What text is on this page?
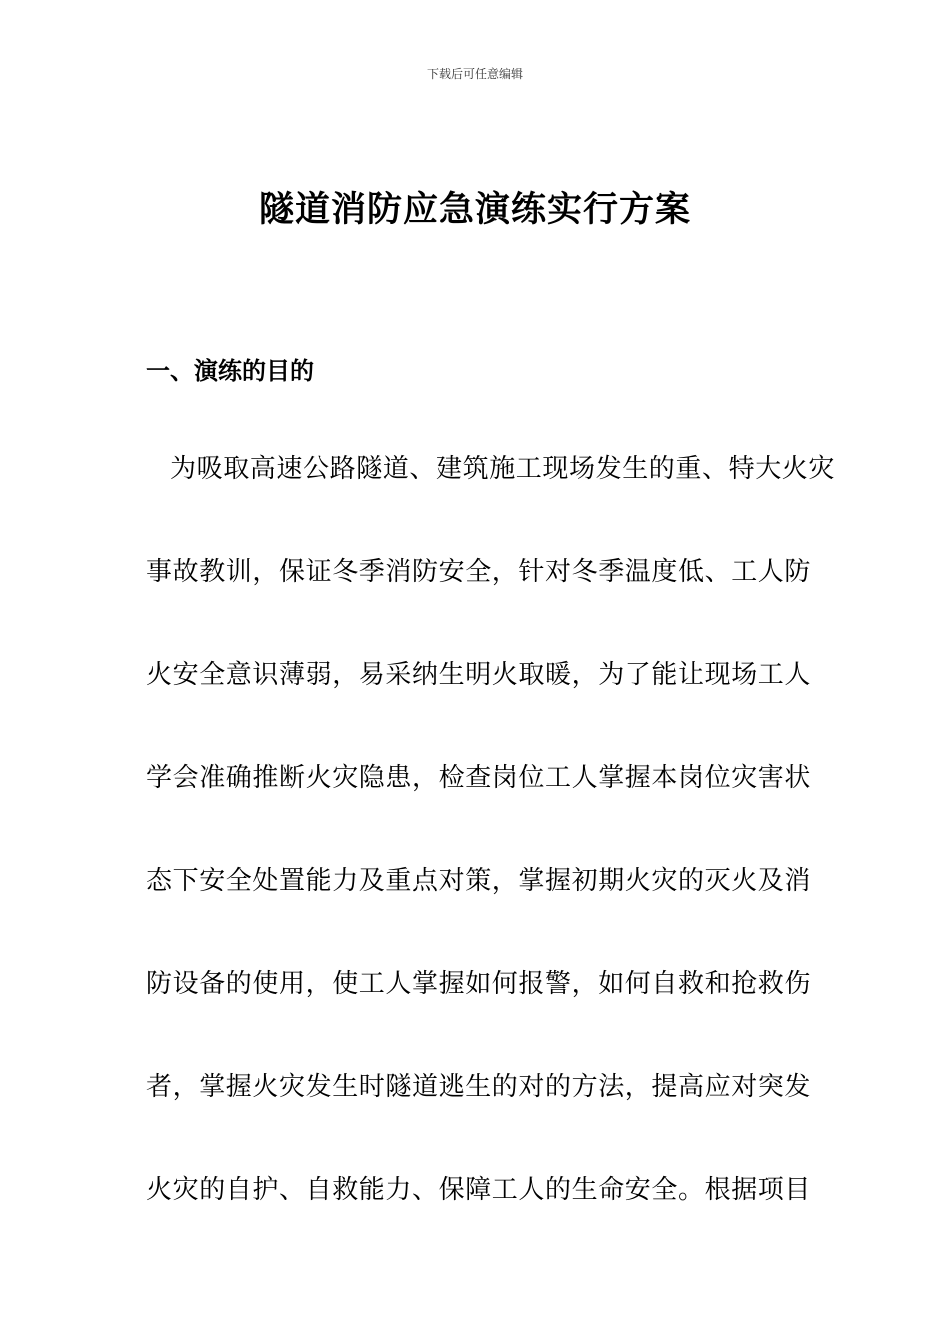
下载后可任意编辑
隧道消防应急演练实行方案
一、演练的目的
为吸取高速公路隧道、建筑施工现场发生的重、特大火灾
事故教训，保证冬季消防安全，针对冬季温度低、工人防
火安全意识薄弱，易采纳生明火取暖，为了能让现场工人
学会准确推断火灾隐患，检查岗位工人掌握本岗位灾害状
态下安全处置能力及重点对策，掌握初期火灾的灭火及消
防设备的使用，使工人掌握如何报警，如何自救和抢救伤
者，掌握火灾发生时隧道逃生的对的方法，提高应对突发
火灾的自护、自救能力、保障工人的生命安全。根据项目
